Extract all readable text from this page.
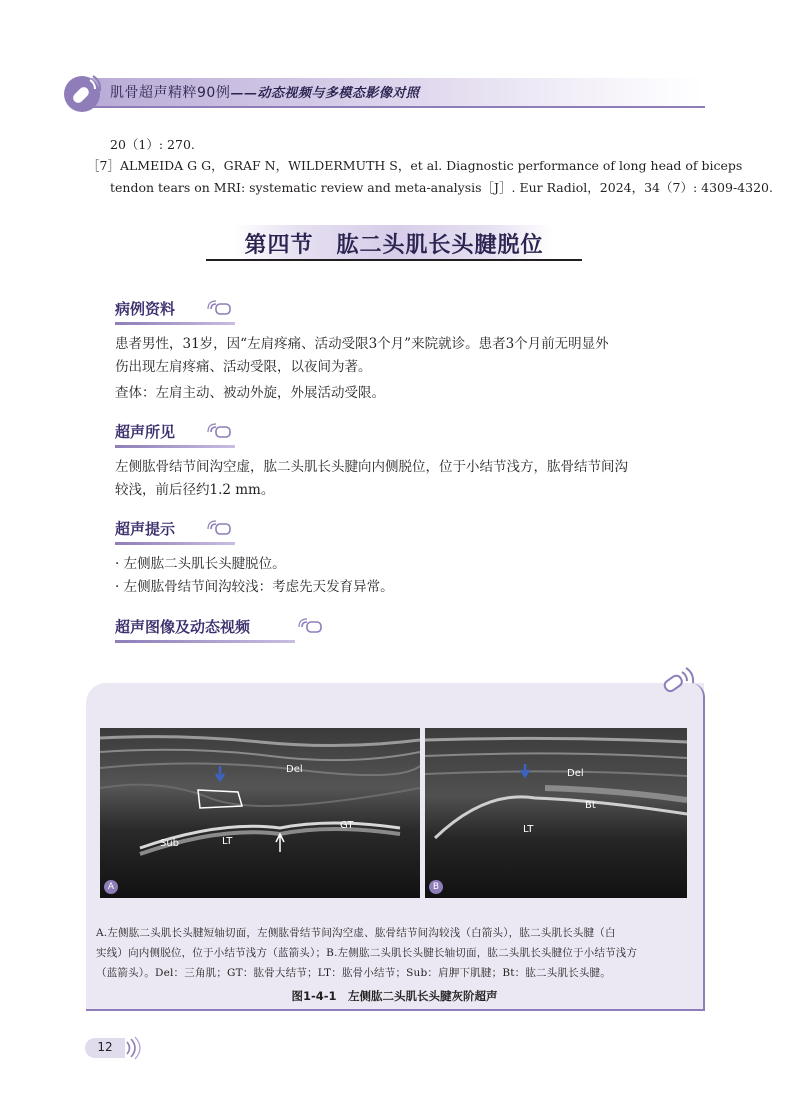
肌骨超声精粹90例——动态视频与多模态影像对照
20（1）: 270.
［7］ALMEIDA G G，GRAF N，WILDERMUTH S，et al. Diagnostic performance of long head of biceps
tendon tears on MRI: systematic review and meta-analysis［J］. Eur Radiol，2024，34（7）: 4309-4320.
第四节　肱二头肌长头腱脱位
病例资料

患者男性，31岁，因“左肩疼痛、活动受限3个月”来院就诊。患者3个月前无明显外

伤出现左肩疼痛、活动受限，以夜间为著。

查体：左肩主动、被动外旋，外展活动受限。

超声所见

左侧肱骨结节间沟空虚，肱二头肌长头腱向内侧脱位，位于小结节浅方，肱骨结节间沟

较浅，前后径约1.2 mm。

超声提示

· 左侧肱二头肌长头腱脱位。

· 左侧肱骨结节间沟较浅：考虑先天发育异常。

超声图像及动态视频
Del
GT
LT
Sub
A
Del
Bt
LT
B
A.左侧肱二头肌长头腱短轴切面，左侧肱骨结节间沟空虚、肱骨结节间沟较浅（白箭头），肱二头肌长头腱（白
实线）向内侧脱位，位于小结节浅方（蓝箭头）；B.左侧肱二头肌长头腱长轴切面，肱二头肌长头腱位于小结节浅方
（蓝箭头）。Del：三角肌；GT：肱骨大结节；LT：肱骨小结节；Sub：肩胛下肌腱；Bt：肱二头肌长头腱。
图1-4-1　左侧肱二头肌长头腱灰阶超声
12
